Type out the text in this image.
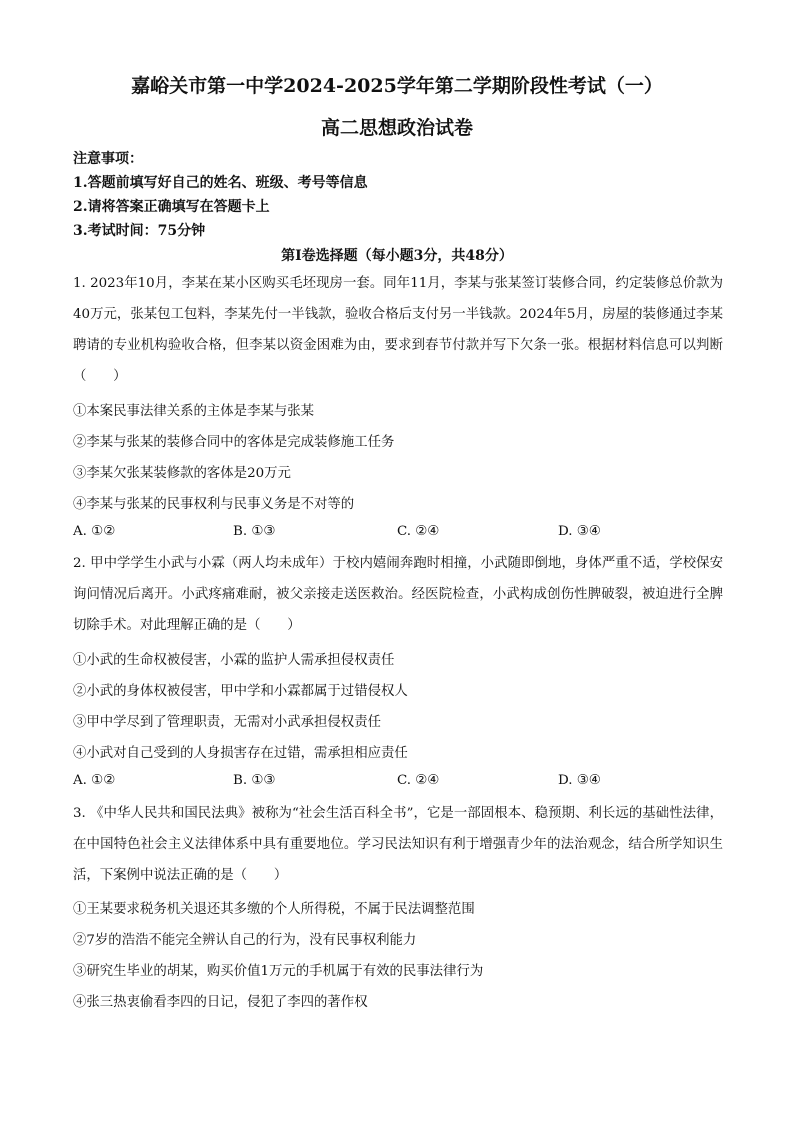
嘉峪关市第一中学2024-2025学年第二学期阶段性考试（一）
高二思想政治试卷
注意事项：
1.答题前填写好自己的姓名、班级、考号等信息
2.请将答案正确填写在答题卡上
3.考试时间：75分钟
第I卷选择题（每小题3分，共48分）
1. 2023年10月，李某在某小区购买毛坯现房一套。同年11月，李某与张某签订装修合同，约定装修总价款为40万元，张某包工包料，李某先付一半钱款，验收合格后支付另一半钱款。2024年5月，房屋的装修通过李某聘请的专业机构验收合格，但李某以资金困难为由，要求到春节付款并写下欠条一张。根据材料信息可以判断（　　）
①本案民事法律关系的主体是李某与张某
②李某与张某的装修合同中的客体是完成装修施工任务
③李某欠张某装修款的客体是20万元
④李某与张某的民事权利与民事义务是不对等的
A. ①②	B. ①③	C. ②④	D. ③④
2. 甲中学学生小武与小霖（两人均未成年）于校内嬉闹奔跑时相撞，小武随即倒地，身体严重不适，学校保安询问情况后离开。小武疼痛难耐，被父亲接走送医救治。经医院检查，小武构成创伤性脾破裂，被迫进行全脾切除手术。对此理解正确的是（　　）
①小武的生命权被侵害，小霖的监护人需承担侵权责任
②小武的身体权被侵害，甲中学和小霖都属于过错侵权人
③甲中学尽到了管理职责，无需对小武承担侵权责任
④小武对自己受到的人身损害存在过错，需承担相应责任
A. ①②	B. ①③	C. ②④	D. ③④
3. 《中华人民共和国民法典》被称为“社会生活百科全书”，它是一部固根本、稳预期、利长远的基础性法律，在中国特色社会主义法律体系中具有重要地位。学习民法知识有利于增强青少年的法治观念，结合所学知识生活，下案例中说法正确的是（　　）
①王某要求税务机关退还其多缴的个人所得税，不属于民法调整范围
②7岁的浩浩不能完全辨认自己的行为，没有民事权利能力
③研究生毕业的胡某，购买价值1万元的手机属于有效的民事法律行为
④张三热衷偷看李四的日记，侵犯了李四的著作权
